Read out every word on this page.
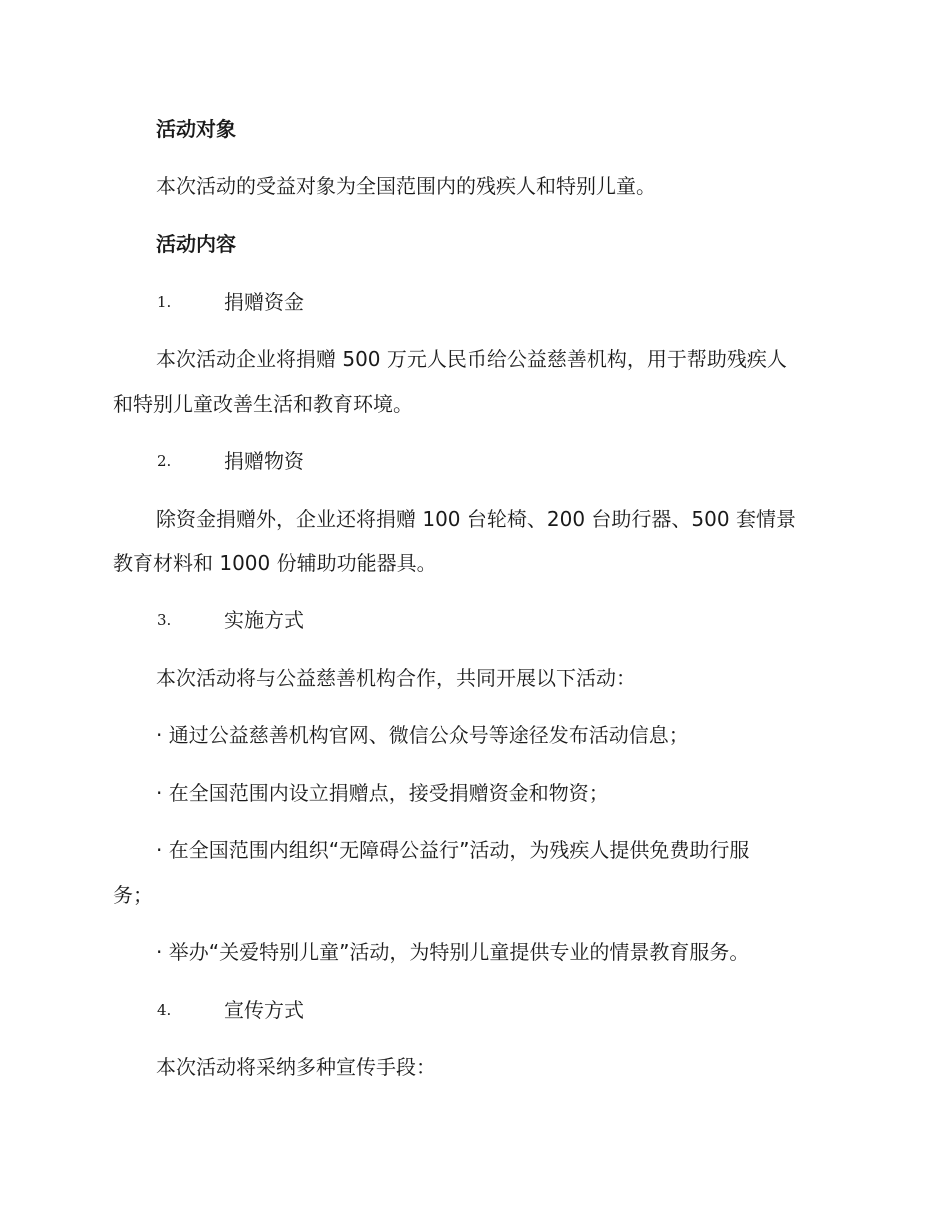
活动对象
本次活动的受益对象为全国范围内的残疾人和特别儿童。
活动内容
1.	捐赠资金
本次活动企业将捐赠 500 万元人民币给公益慈善机构，用于帮助残疾人
和特别儿童改善生活和教育环境。
2.	捐赠物资
除资金捐赠外，企业还将捐赠 100 台轮椅、200 台助行器、500 套情景
教育材料和 1000 份辅助功能器具。
3.	实施方式
本次活动将与公益慈善机构合作，共同开展以下活动：
· 通过公益慈善机构官网、微信公众号等途径发布活动信息；
· 在全国范围内设立捐赠点，接受捐赠资金和物资；
· 在全国范围内组织“无障碍公益行”活动，为残疾人提供免费助行服
务；
· 举办“关爱特别儿童”活动，为特别儿童提供专业的情景教育服务。
4.	宣传方式
本次活动将采纳多种宣传手段：
